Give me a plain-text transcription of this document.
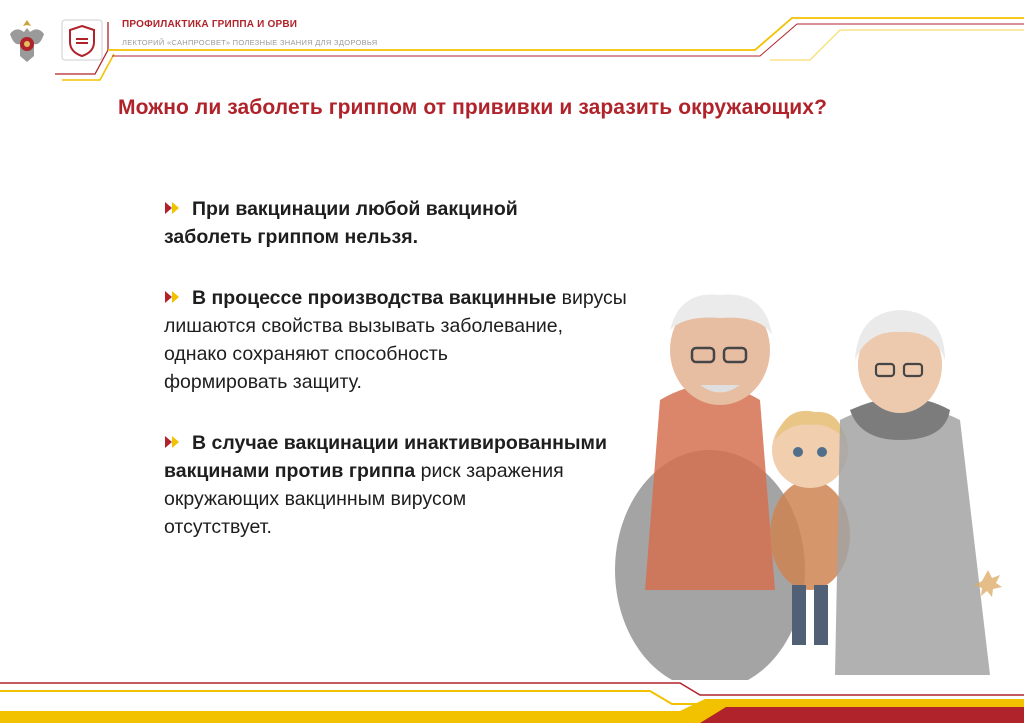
ПРОФИЛАКТИКА ГРИППА И ОРВИ
ЛЕКТОРИЙ «САНПРОСВЕТ» ПОЛЕЗНЫЕ ЗНАНИЯ ДЛЯ ЗДОРОВЬЯ
Можно ли заболеть гриппом от прививки и заразить окружающих?
При вакцинации любой вакциной
заболеть гриппом нельзя.
В процессе производства вакцинные вирусы
лишаются свойства вызывать заболевание,
однако сохраняют способность
формировать защиту.
В случае вакцинации инактивированными
вакцинами против гриппа риск заражения
окружающих вакцинным вирусом
отсутствует.
